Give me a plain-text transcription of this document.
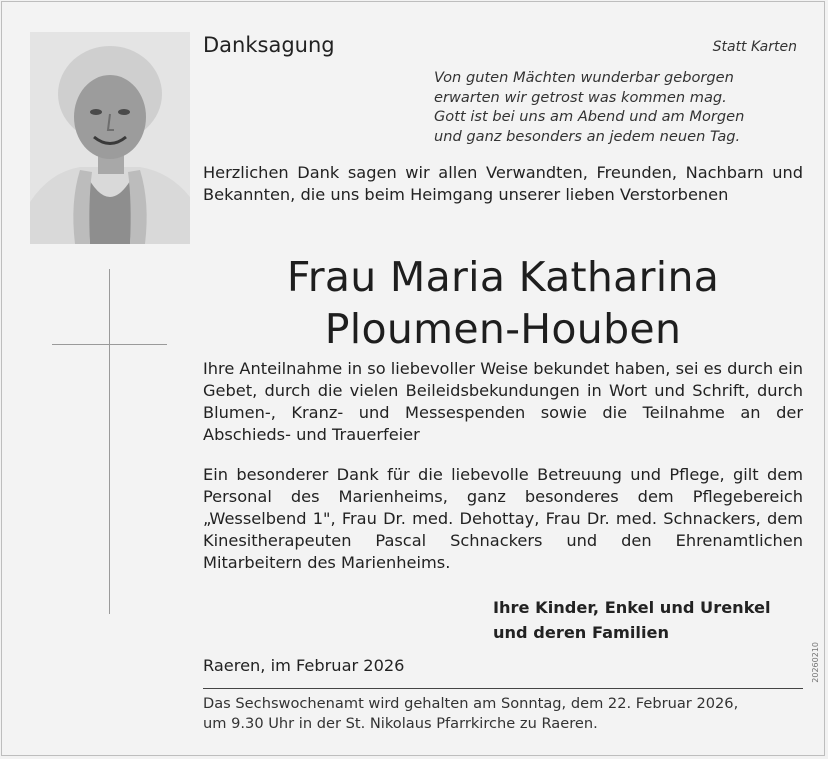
Danksagung	Statt Karten
Von guten Mächten wunderbar geborgen
erwarten wir getrost was kommen mag.
Gott ist bei uns am Abend und am Morgen
und ganz besonders an jedem neuen Tag.
Herzlichen Dank sagen wir allen Verwandten, Freunden, Nachbarn und Bekannten, die uns beim Heimgang unserer lieben Verstorbenen
Frau Maria Katharina
Ploumen-Houben
Ihre Anteilnahme in so liebevoller Weise bekundet haben, sei es durch ein Gebet, durch die vielen Beileidsbekundungen in Wort und Schrift, durch Blumen-, Kranz- und Messespenden sowie die Teilnahme an der Abschieds- und Trauerfeier
Ein besonderer Dank für die liebevolle Betreuung und Pflege, gilt dem Personal des Marienheims, ganz besonderes dem Pflegebereich „Wesselbend 1", Frau Dr. med. Dehottay, Frau Dr. med. Schnackers, dem Kinesitherapeuten Pascal Schnackers und den Ehrenamtlichen Mitarbeitern des Marienheims.
Ihre Kinder, Enkel und Urenkel
und deren Familien
Raeren, im Februar 2026
Das Sechswochenamt wird gehalten am Sonntag, dem 22. Februar 2026,
um 9.30 Uhr in der St. Nikolaus Pfarrkirche zu Raeren.
20260210
